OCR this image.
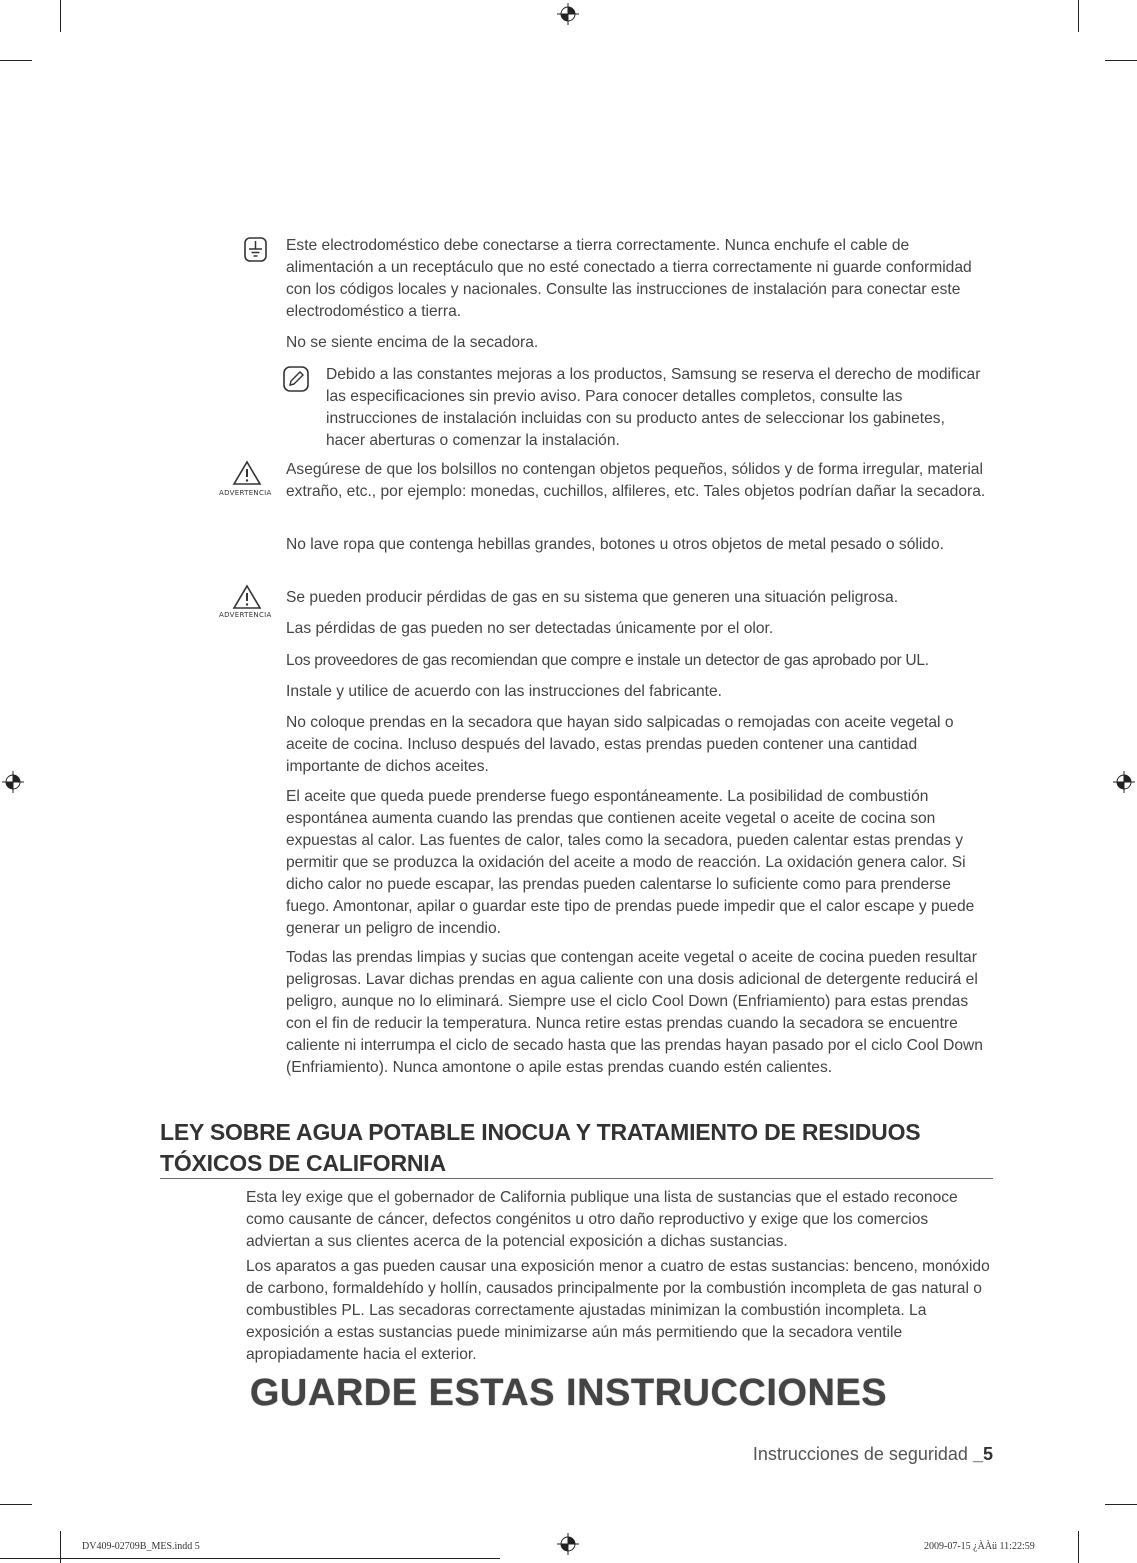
Este electrodoméstico debe conectarse a tierra correctamente. Nunca enchufe el cable de alimentación a un receptáculo que no esté conectado a tierra correctamente ni guarde conformidad con los códigos locales y nacionales. Consulte las instrucciones de instalación para conectar este electrodoméstico a tierra.
No se siente encima de la secadora.
Debido a las constantes mejoras a los productos, Samsung se reserva el derecho de modificar las especificaciones sin previo aviso. Para conocer detalles completos, consulte las instrucciones de instalación incluidas con su producto antes de seleccionar los gabinetes, hacer aberturas o comenzar la instalación.
ADVERTENCIA
Asegúrese de que los bolsillos no contengan objetos pequeños, sólidos y de forma irregular, material extraño, etc., por ejemplo: monedas, cuchillos, alfileres, etc. Tales objetos podrían dañar la secadora.
No lave ropa que contenga hebillas grandes, botones u otros objetos de metal pesado o sólido.
ADVERTENCIA
Se pueden producir pérdidas de gas en su sistema que generen una situación peligrosa.
Las pérdidas de gas pueden no ser detectadas únicamente por el olor.
Los proveedores de gas recomiendan que compre e instale un detector de gas aprobado por UL.
Instale y utilice de acuerdo con las instrucciones del fabricante.
No coloque prendas en la secadora que hayan sido salpicadas o remojadas con aceite vegetal o aceite de cocina. Incluso después del lavado, estas prendas pueden contener una cantidad importante de dichos aceites.
El aceite que queda puede prenderse fuego espontáneamente. La posibilidad de combustión espontánea aumenta cuando las prendas que contienen aceite vegetal o aceite de cocina son expuestas al calor. Las fuentes de calor, tales como la secadora, pueden calentar estas prendas y permitir que se produzca la oxidación del aceite a modo de reacción. La oxidación genera calor. Si dicho calor no puede escapar, las prendas pueden calentarse lo suficiente como para prenderse fuego. Amontonar, apilar o guardar este tipo de prendas puede impedir que el calor escape y puede generar un peligro de incendio.
Todas las prendas limpias y sucias que contengan aceite vegetal o aceite de cocina pueden resultar peligrosas. Lavar dichas prendas en agua caliente con una dosis adicional de detergente reducirá el peligro, aunque no lo eliminará. Siempre use el ciclo Cool Down (Enfriamiento) para estas prendas con el fin de reducir la temperatura. Nunca retire estas prendas cuando la secadora se encuentre caliente ni interrumpa el ciclo de secado hasta que las prendas hayan pasado por el ciclo Cool Down (Enfriamiento). Nunca amontone o apile estas prendas cuando estén calientes.
LEY SOBRE AGUA POTABLE INOCUA Y TRATAMIENTO DE RESIDUOS
TÓXICOS DE CALIFORNIA
Esta ley exige que el gobernador de California publique una lista de sustancias que el estado reconoce como causante de cáncer, defectos congénitos u otro daño reproductivo y exige que los comercios adviertan a sus clientes acerca de la potencial exposición a dichas sustancias.
Los aparatos a gas pueden causar una exposición menor a cuatro de estas sustancias: benceno, monóxido de carbono, formaldehído y hollín, causados principalmente por la combustión incompleta de gas natural o combustibles PL. Las secadoras correctamente ajustadas minimizan la combustión incompleta. La exposición a estas sustancias puede minimizarse aún más permitiendo que la secadora ventile apropiadamente hacia el exterior.
GUARDE ESTAS INSTRUCCIONES
Instrucciones de seguridad _5
DV409-02709B_MES.indd 5	2009-07-15 ¿ÀÀü 11:22:59
